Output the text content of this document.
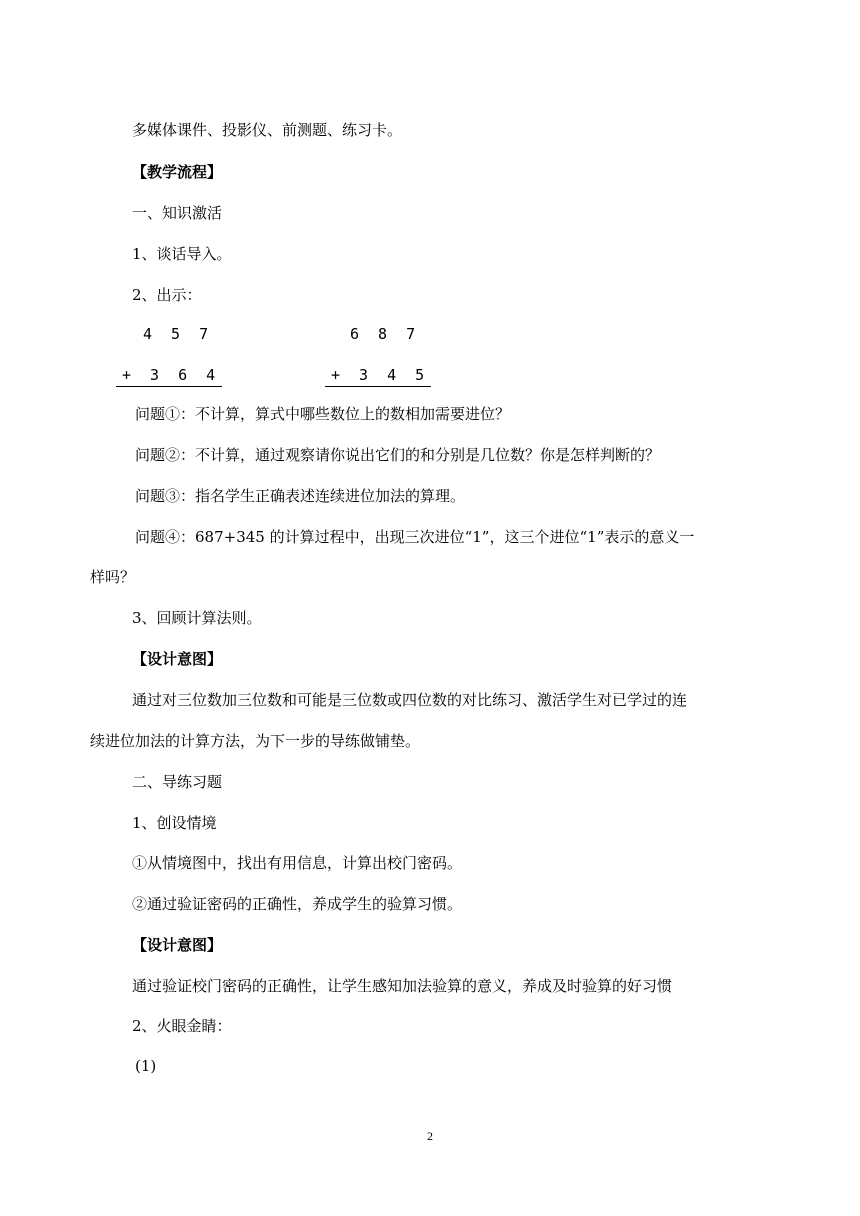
多媒体课件、投影仪、前测题、练习卡。
【教学流程】
一、知识激活
1、谈话导入。
2、出示：
4 5 7	6 8 7
+ 3 6 4	+ 3 4 5
问题①：不计算，算式中哪些数位上的数相加需要进位？
问题②：不计算，通过观察请你说出它们的和分别是几位数？你是怎样判断的？
问题③：指名学生正确表述连续进位加法的算理。
问题④：687+345 的计算过程中，出现三次进位“1”，这三个进位“1”表示的意义一
样吗？
3、回顾计算法则。
【设计意图】
通过对三位数加三位数和可能是三位数或四位数的对比练习、激活学生对已学过的连
续进位加法的计算方法，为下一步的导练做铺垫。
二、导练习题
1、创设情境
①从情境图中，找出有用信息，计算出校门密码。
②通过验证密码的正确性，养成学生的验算习惯。
【设计意图】
通过验证校门密码的正确性，让学生感知加法验算的意义，养成及时验算的好习惯
2、火眼金睛：
(1)
2
